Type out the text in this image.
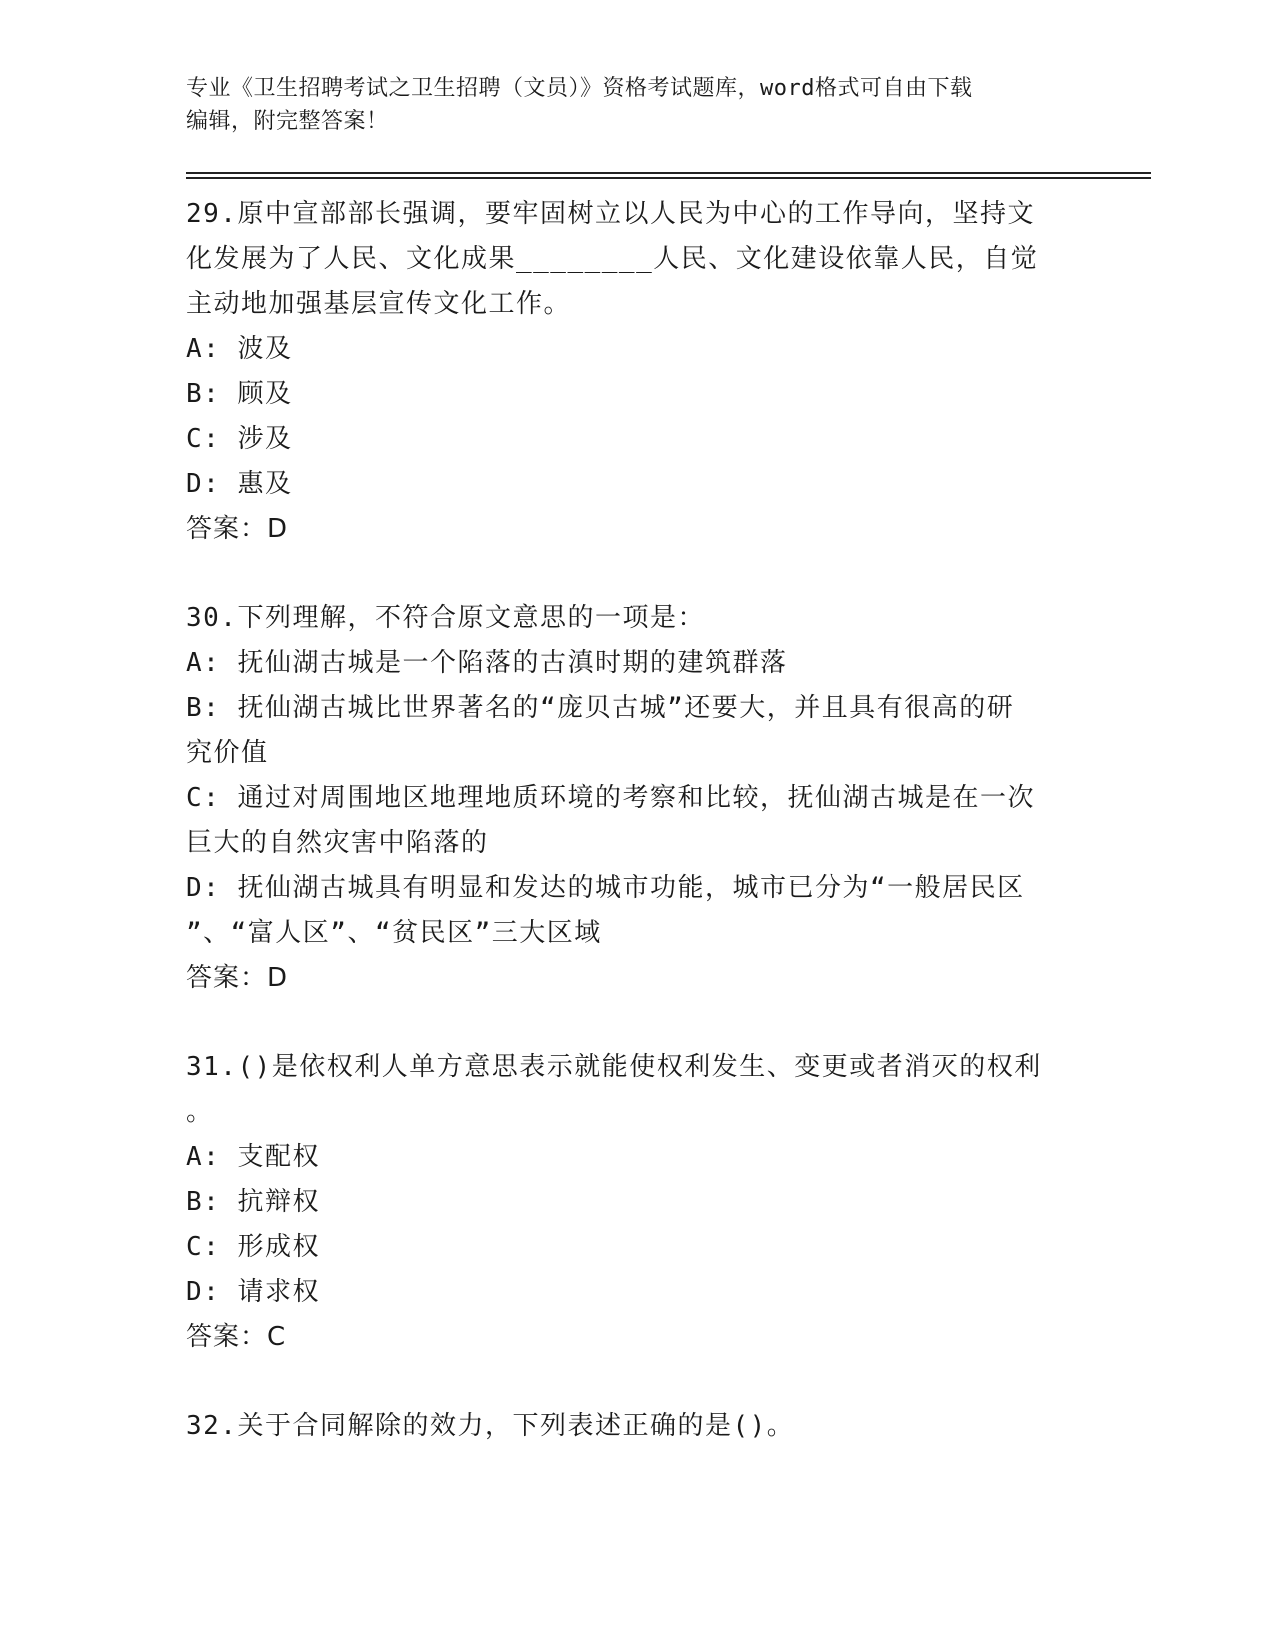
专业《卫生招聘考试之卫生招聘（文员）》资格考试题库，word格式可自由下载
编辑，附完整答案！

29.原中宣部部长强调，要牢固树立以人民为中心的工作导向，坚持文

化发展为了人民、文化成果________人民、文化建设依靠人民，自觉

主动地加强基层宣传文化工作。

A: 波及

B: 顾及

C: 涉及

D: 惠及

答案：D

30.下列理解，不符合原文意思的一项是：

A: 抚仙湖古城是一个陷落的古滇时期的建筑群落

B: 抚仙湖古城比世界著名的“庞贝古城”还要大，并且具有很高的研

究价值

C: 通过对周围地区地理地质环境的考察和比较，抚仙湖古城是在一次

巨大的自然灾害中陷落的

D: 抚仙湖古城具有明显和发达的城市功能，城市已分为“一般居民区

”、“富人区”、“贫民区”三大区域

答案：D

31.()是依权利人单方意思表示就能使权利发生、变更或者消灭的权利

。

A: 支配权

B: 抗辩权

C: 形成权

D: 请求权

答案：C

32.关于合同解除的效力，下列表述正确的是()。
